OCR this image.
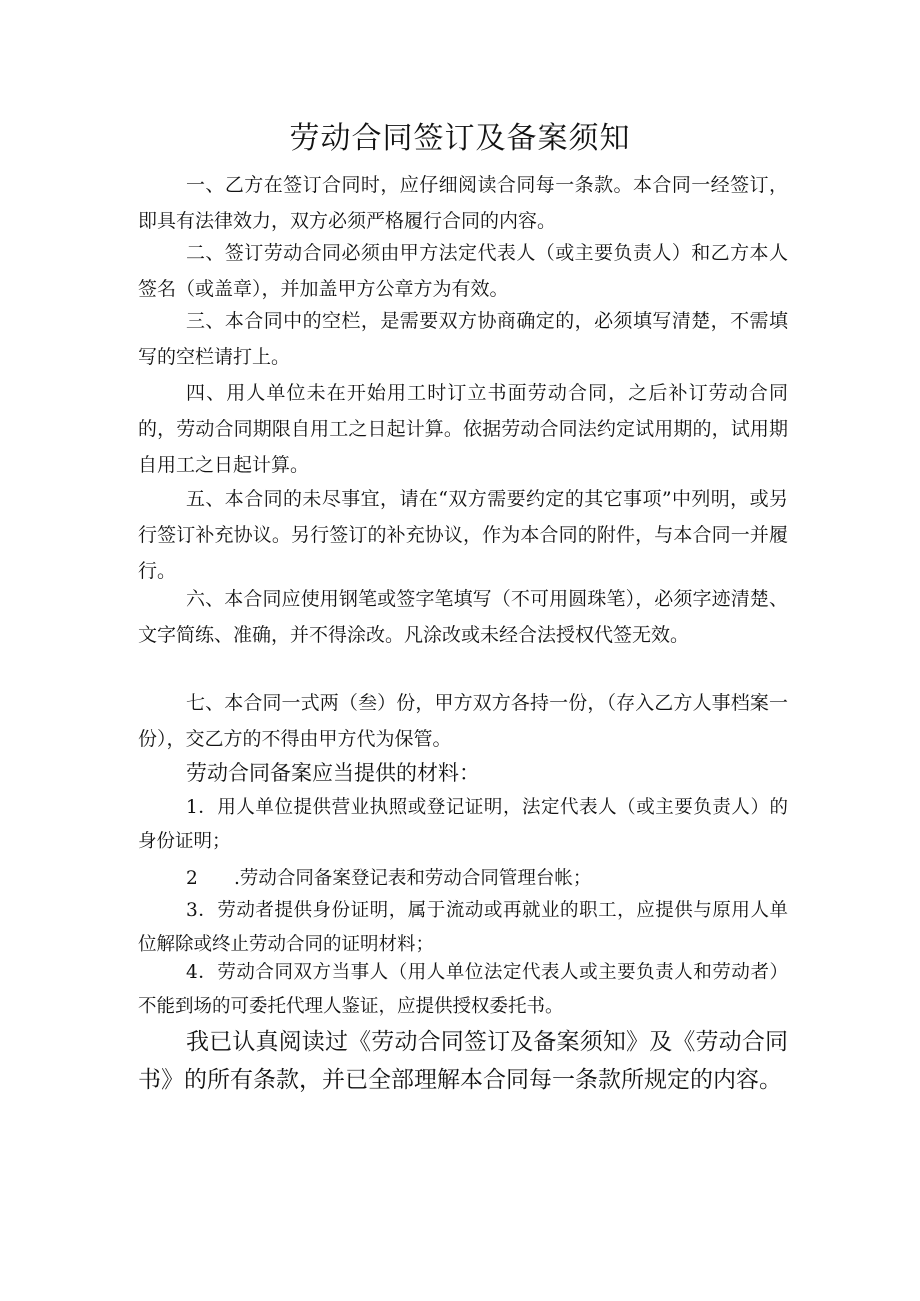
劳动合同签订及备案须知
一、乙方在签订合同时，应仔细阅读合同每一条款。本合同一经签订，即具有法律效力，双方必须严格履行合同的内容。
二、签订劳动合同必须由甲方法定代表人（或主要负责人）和乙方本人签名（或盖章），并加盖甲方公章方为有效。
三、本合同中的空栏，是需要双方协商确定的，必须填写清楚，不需填写的空栏请打上。
四、用人单位未在开始用工时订立书面劳动合同，之后补订劳动合同的，劳动合同期限自用工之日起计算。依据劳动合同法约定试用期的，试用期自用工之日起计算。
五、本合同的未尽事宜，请在“双方需要约定的其它事项”中列明，或另行签订补充协议。另行签订的补充协议，作为本合同的附件，与本合同一并履行。
六、本合同应使用钢笔或签字笔填写（不可用圆珠笔），必须字迹清楚、文字简练、准确，并不得涂改。凡涂改或未经合法授权代签无效。
七、本合同一式两（叁）份，甲方双方各持一份，（存入乙方人事档案一份），交乙方的不得由甲方代为保管。
劳动合同备案应当提供的材料：
1．用人单位提供营业执照或登记证明，法定代表人（或主要负责人）的身份证明；
2 .劳动合同备案登记表和劳动合同管理台帐；
3．劳动者提供身份证明，属于流动或再就业的职工，应提供与原用人单位解除或终止劳动合同的证明材料；
4．劳动合同双方当事人（用人单位法定代表人或主要负责人和劳动者）不能到场的可委托代理人鉴证，应提供授权委托书。
我已认真阅读过《劳动合同签订及备案须知》及《劳动合同书》的所有条款，并已全部理解本合同每一条款所规定的内容。
